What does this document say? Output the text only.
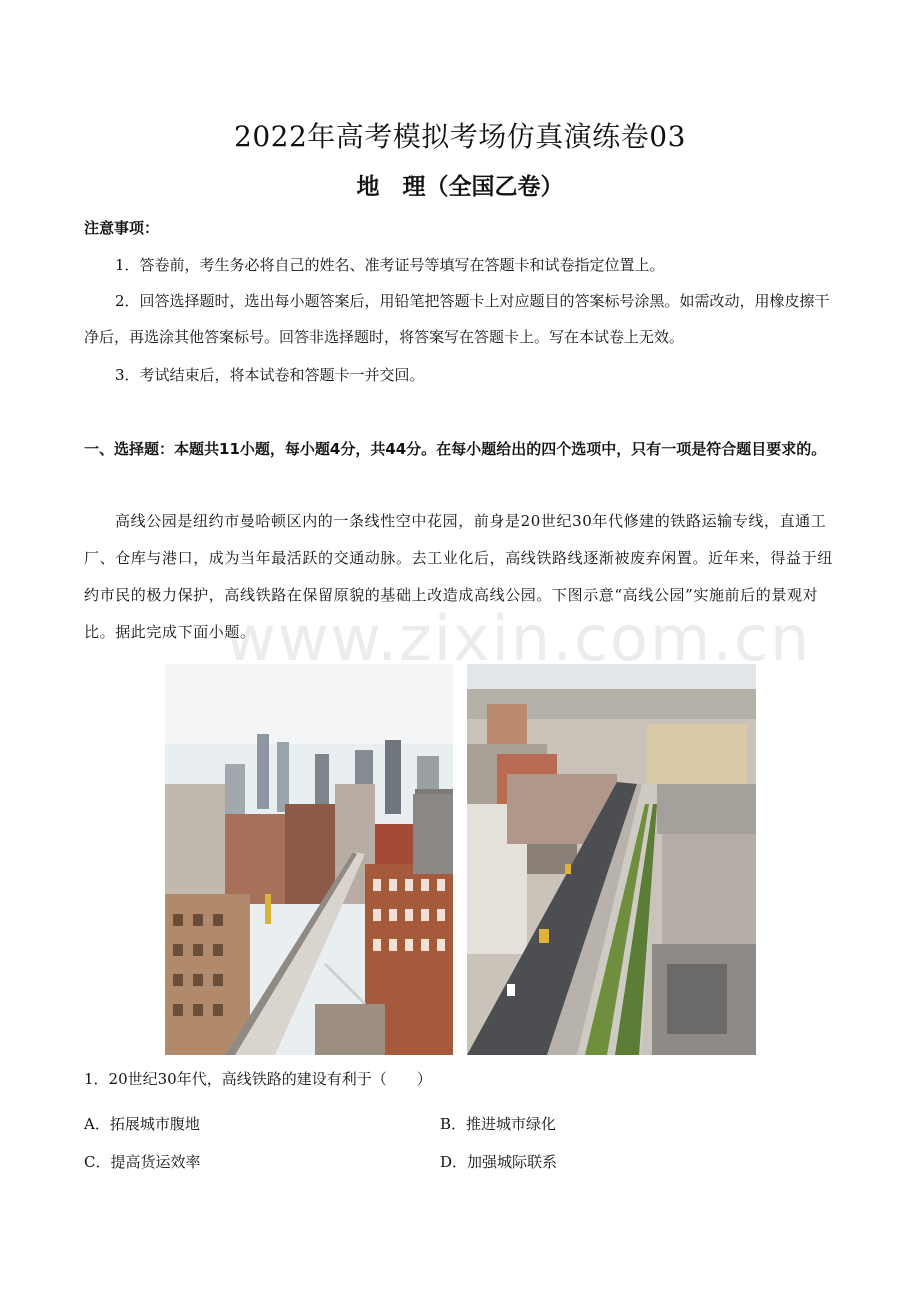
2022年高考模拟考场仿真演练卷03
地　理（全国乙卷）
注意事项：
1．答卷前，考生务必将自己的姓名、准考证号等填写在答题卡和试卷指定位置上。
2．回答选择题时，选出每小题答案后，用铅笔把答题卡上对应题目的答案标号涂黑。如需改动，用橡皮擦干净后，再选涂其他答案标号。回答非选择题时，将答案写在答题卡上。写在本试卷上无效。
3．考试结束后，将本试卷和答题卡一并交回。
一、选择题：本题共11小题，每小题4分，共44分。在每小题给出的四个选项中，只有一项是符合题目要求的。
高线公园是纽约市曼哈顿区内的一条线性空中花园，前身是20世纪30年代修建的铁路运输专线，直通工厂、仓库与港口，成为当年最活跃的交通动脉。去工业化后，高线铁路线逐渐被废弃闲置。近年来，得益于纽约市民的极力保护，高线铁路在保留原貌的基础上改造成高线公园。下图示意“高线公园”实施前后的景观对比。据此完成下面小题。
www.zixin.com.cn
1．20世纪30年代，高线铁路的建设有利于（　　）
A．拓展城市腹地	B．推进城市绿化
C．提高货运效率	D．加强城际联系
